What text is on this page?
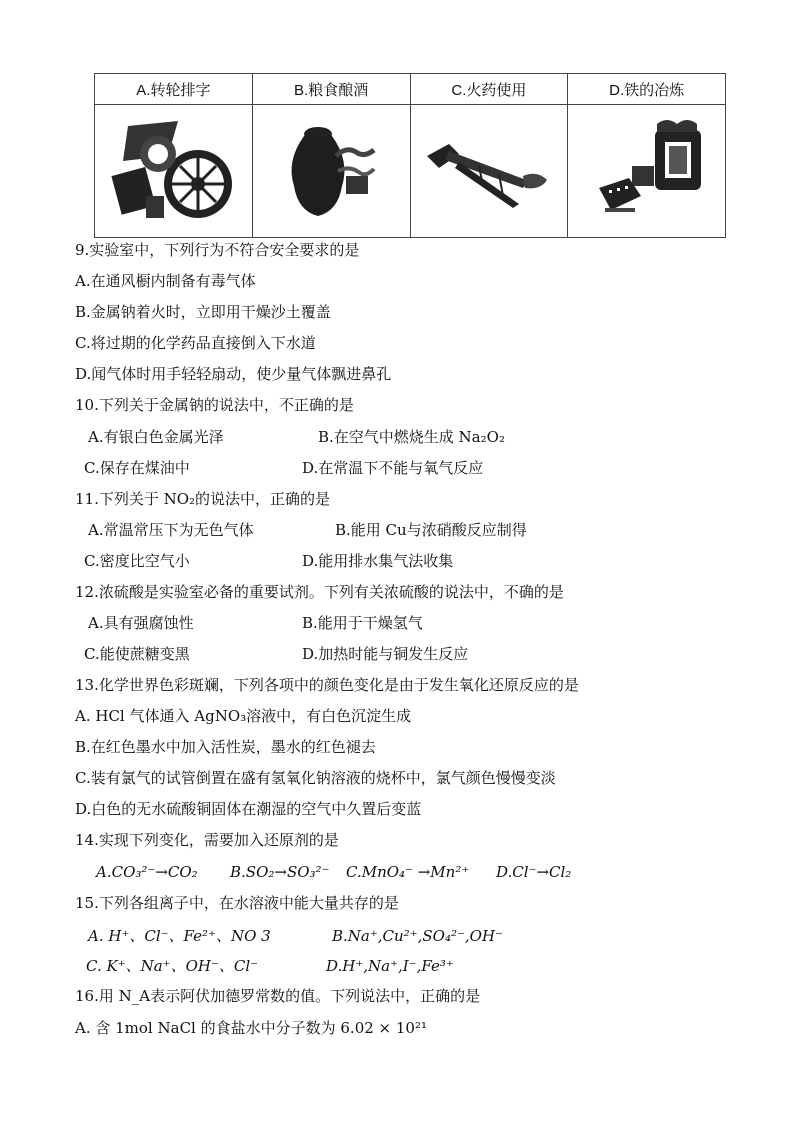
A.转轮排字	B.粮食酿酒	C.火药使用	D.铁的冶炼

9.实验室中，下列行为不符合安全要求的是
A.在通风橱内制备有毒气体
B.金属钠着火时，立即用干燥沙土覆盖
C.将过期的化学药品直接倒入下水道
D.闻气体时用手轻轻扇动，使少量气体飘进鼻孔
10.下列关于金属钠的说法中，不正确的是
A.有银白色金属光泽	B.在空气中燃烧生成 Na₂O₂
C.保存在煤油中	D.在常温下不能与氧气反应
11.下列关于 NO₂的说法中，正确的是
A.常温常压下为无色气体	B.能用 Cu与浓硝酸反应制得
C.密度比空气小	D.能用排水集气法收集
12.浓硫酸是实验室必备的重要试剂。下列有关浓硫酸的说法中，不确的是
A.具有强腐蚀性	B.能用于干燥氢气
C.能使蔗糖变黑	D.加热时能与铜发生反应
13.化学世界色彩斑斓，下列各项中的颜色变化是由于发生氧化还原反应的是
A. HCl 气体通入 AgNO₃溶液中，有白色沉淀生成
B.在红色墨水中加入活性炭，墨水的红色褪去
C.装有氯气的试管倒置在盛有氢氧化钠溶液的烧杯中，氯气颜色慢慢变淡
D.白色的无水硫酸铜固体在潮湿的空气中久置后变蓝
14.实现下列变化，需要加入还原剂的是
A.CO₃²⁻→CO₂ B.SO₂→SO₃²⁻ C.MnO₄⁻ →Mn²⁺ D.Cl⁻→Cl₂
15.下列各组离子中，在水溶液中能大量共存的是
A. H⁺、Cl⁻、Fe²⁺、NO 3	B.Na⁺,Cu²⁺,SO₄²⁻,OH⁻
C. K⁺、Na⁺、OH⁻、Cl⁻	D.H⁺,Na⁺,I⁻,Fe³⁺
16.用 N_A表示阿伏加德罗常数的值。下列说法中，正确的是
A. 含 1mol NaCl 的食盐水中分子数为 6.02 × 10²¹
